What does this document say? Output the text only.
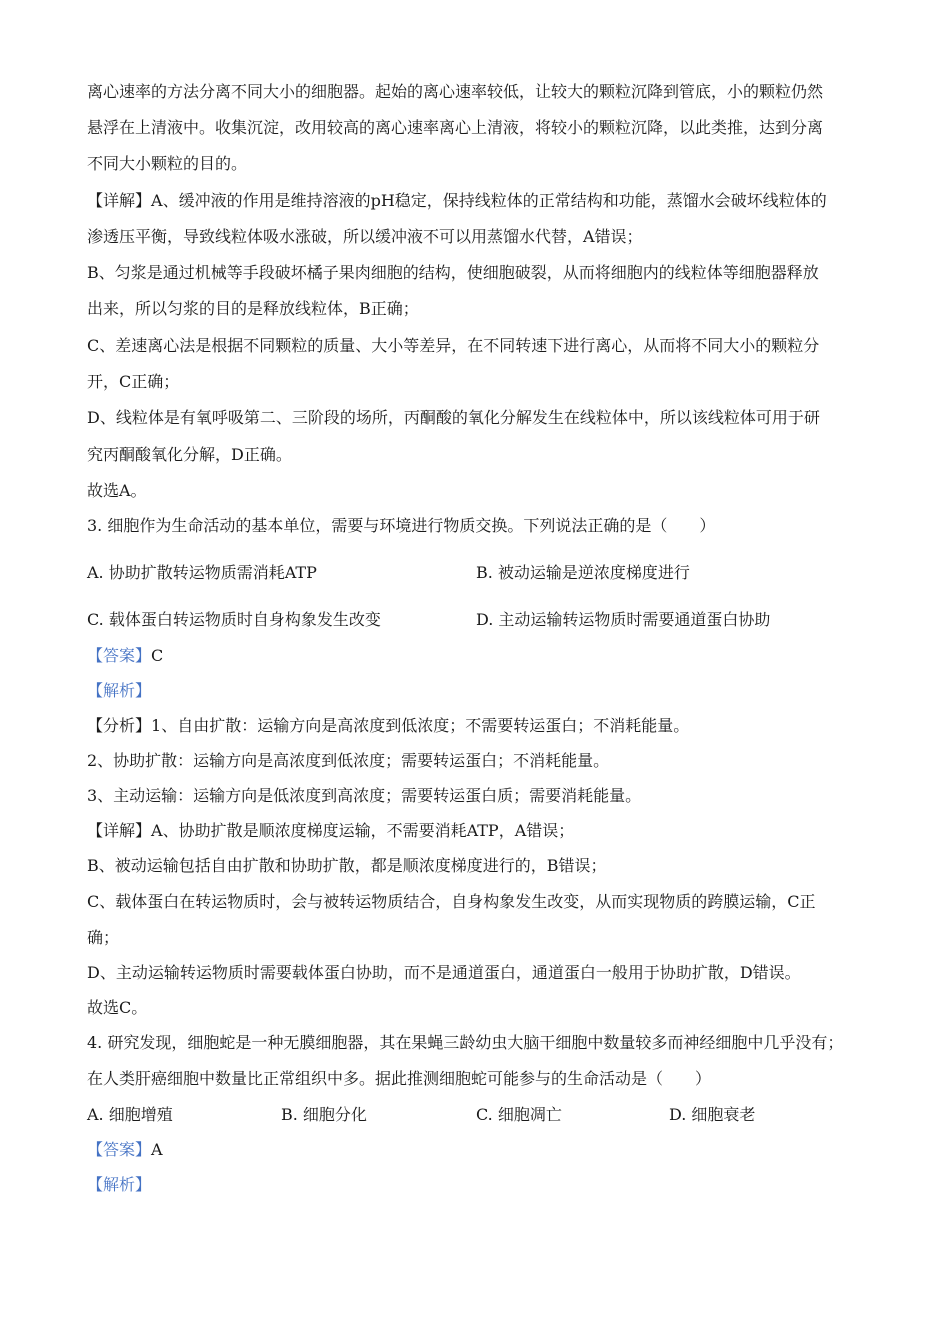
离心速率的方法分离不同大小的细胞器。起始的离心速率较低，让较大的颗粒沉降到管底，小的颗粒仍然
悬浮在上清液中。收集沉淀，改用较高的离心速率离心上清液，将较小的颗粒沉降，以此类推，达到分离
不同大小颗粒的目的。
【详解】A、缓冲液的作用是维持溶液的pH稳定，保持线粒体的正常结构和功能，蒸馏水会破坏线粒体的
渗透压平衡，导致线粒体吸水涨破，所以缓冲液不可以用蒸馏水代替，A错误；
B、匀浆是通过机械等手段破坏橘子果肉细胞的结构，使细胞破裂，从而将细胞内的线粒体等细胞器释放
出来，所以匀浆的目的是释放线粒体，B正确；
C、差速离心法是根据不同颗粒的质量、大小等差异，在不同转速下进行离心，从而将不同大小的颗粒分
开，C正确；
D、线粒体是有氧呼吸第二、三阶段的场所，丙酮酸的氧化分解发生在线粒体中，所以该线粒体可用于研
究丙酮酸氧化分解，D正确。
故选A。
3. 细胞作为生命活动的基本单位，需要与环境进行物质交换。下列说法正确的是（　　）
A. 协助扩散转运物质需消耗ATP	B. 被动运输是逆浓度梯度进行
C. 载体蛋白转运物质时自身构象发生改变	D. 主动运输转运物质时需要通道蛋白协助
【答案】C
【解析】
【分析】1、自由扩散：运输方向是高浓度到低浓度；不需要转运蛋白；不消耗能量。
2、协助扩散：运输方向是高浓度到低浓度；需要转运蛋白；不消耗能量。
3、主动运输：运输方向是低浓度到高浓度；需要转运蛋白质；需要消耗能量。
【详解】A、协助扩散是顺浓度梯度运输，不需要消耗ATP，A错误；
B、被动运输包括自由扩散和协助扩散，都是顺浓度梯度进行的，B错误；
C、载体蛋白在转运物质时，会与被转运物质结合，自身构象发生改变，从而实现物质的跨膜运输，C正
确；
D、主动运输转运物质时需要载体蛋白协助，而不是通道蛋白，通道蛋白一般用于协助扩散，D错误。
故选C。
4. 研究发现，细胞蛇是一种无膜细胞器，其在果蝇三龄幼虫大脑干细胞中数量较多而神经细胞中几乎没有；
在人类肝癌细胞中数量比正常组织中多。据此推测细胞蛇可能参与的生命活动是（　　）
A. 细胞增殖	B. 细胞分化	C. 细胞凋亡	D. 细胞衰老
【答案】A
【解析】
